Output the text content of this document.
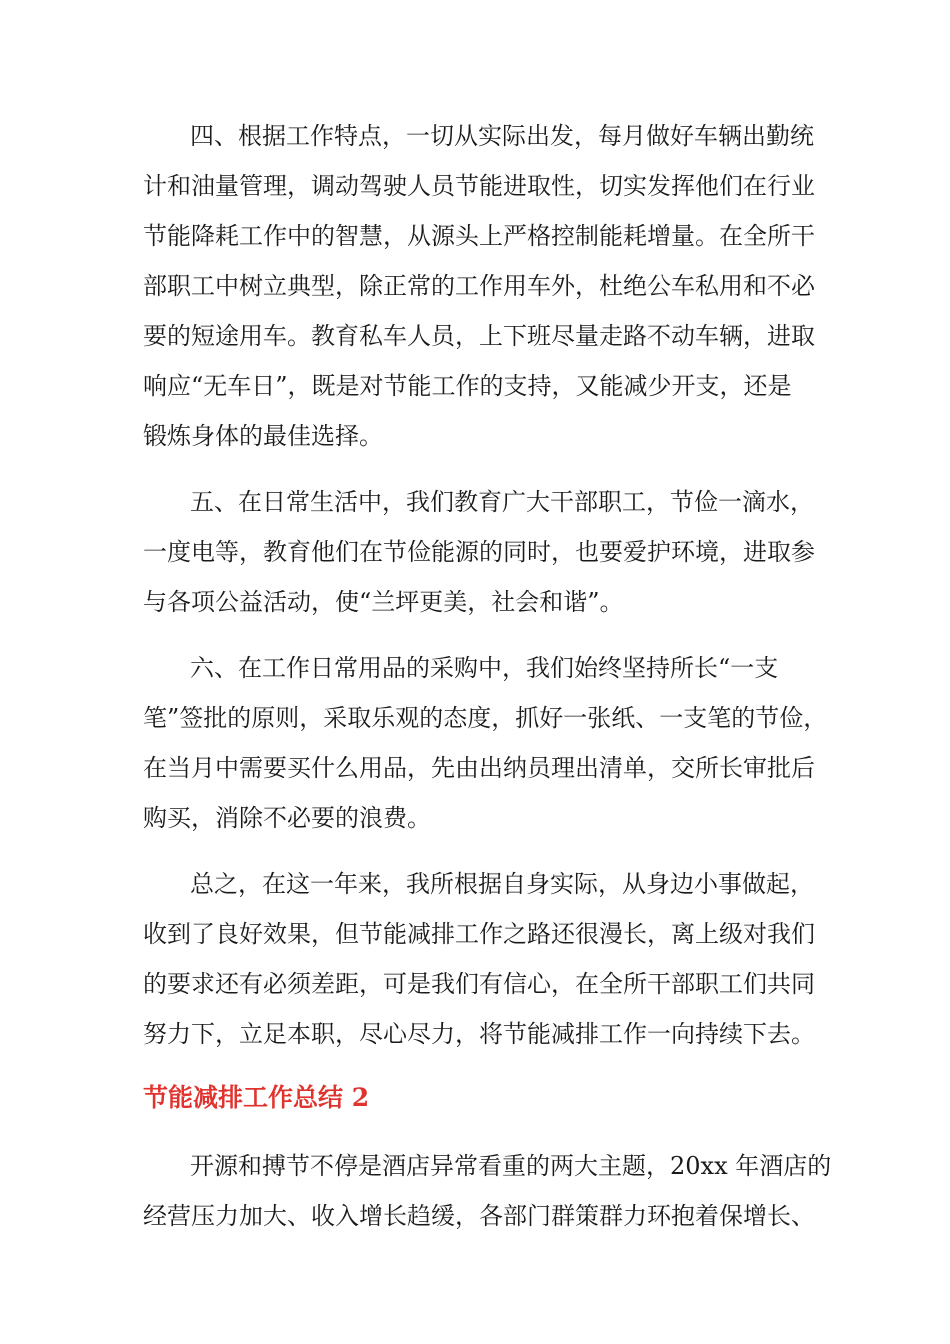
四、根据工作特点，一切从实际出发，每月做好车辆出勤统

计和油量管理，调动驾驶人员节能进取性，切实发挥他们在行业

节能降耗工作中的智慧，从源头上严格控制能耗增量。在全所干

部职工中树立典型，除正常的工作用车外，杜绝公车私用和不必

要的短途用车。教育私车人员，上下班尽量走路不动车辆，进取

响应“无车日”，既是对节能工作的支持，又能减少开支，还是

锻炼身体的最佳选择。

五、在日常生活中，我们教育广大干部职工，节俭一滴水，

一度电等，教育他们在节俭能源的同时，也要爱护环境，进取参

与各项公益活动，使“兰坪更美，社会和谐”。

六、在工作日常用品的采购中，我们始终坚持所长“一支

笔”签批的原则，采取乐观的态度，抓好一张纸、一支笔的节俭，

在当月中需要买什么用品，先由出纳员理出清单，交所长审批后

购买，消除不必要的浪费。

总之，在这一年来，我所根据自身实际，从身边小事做起，

收到了良好效果，但节能减排工作之路还很漫长，离上级对我们

的要求还有必须差距，可是我们有信心，在全所干部职工们共同

努力下，立足本职，尽心尽力，将节能减排工作一向持续下去。

节能减排工作总结 2

开源和搏节不停是酒店异常看重的两大主题，20xx 年酒店的

经营压力加大、收入增长趋缓，各部门群策群力环抱着保增长、
